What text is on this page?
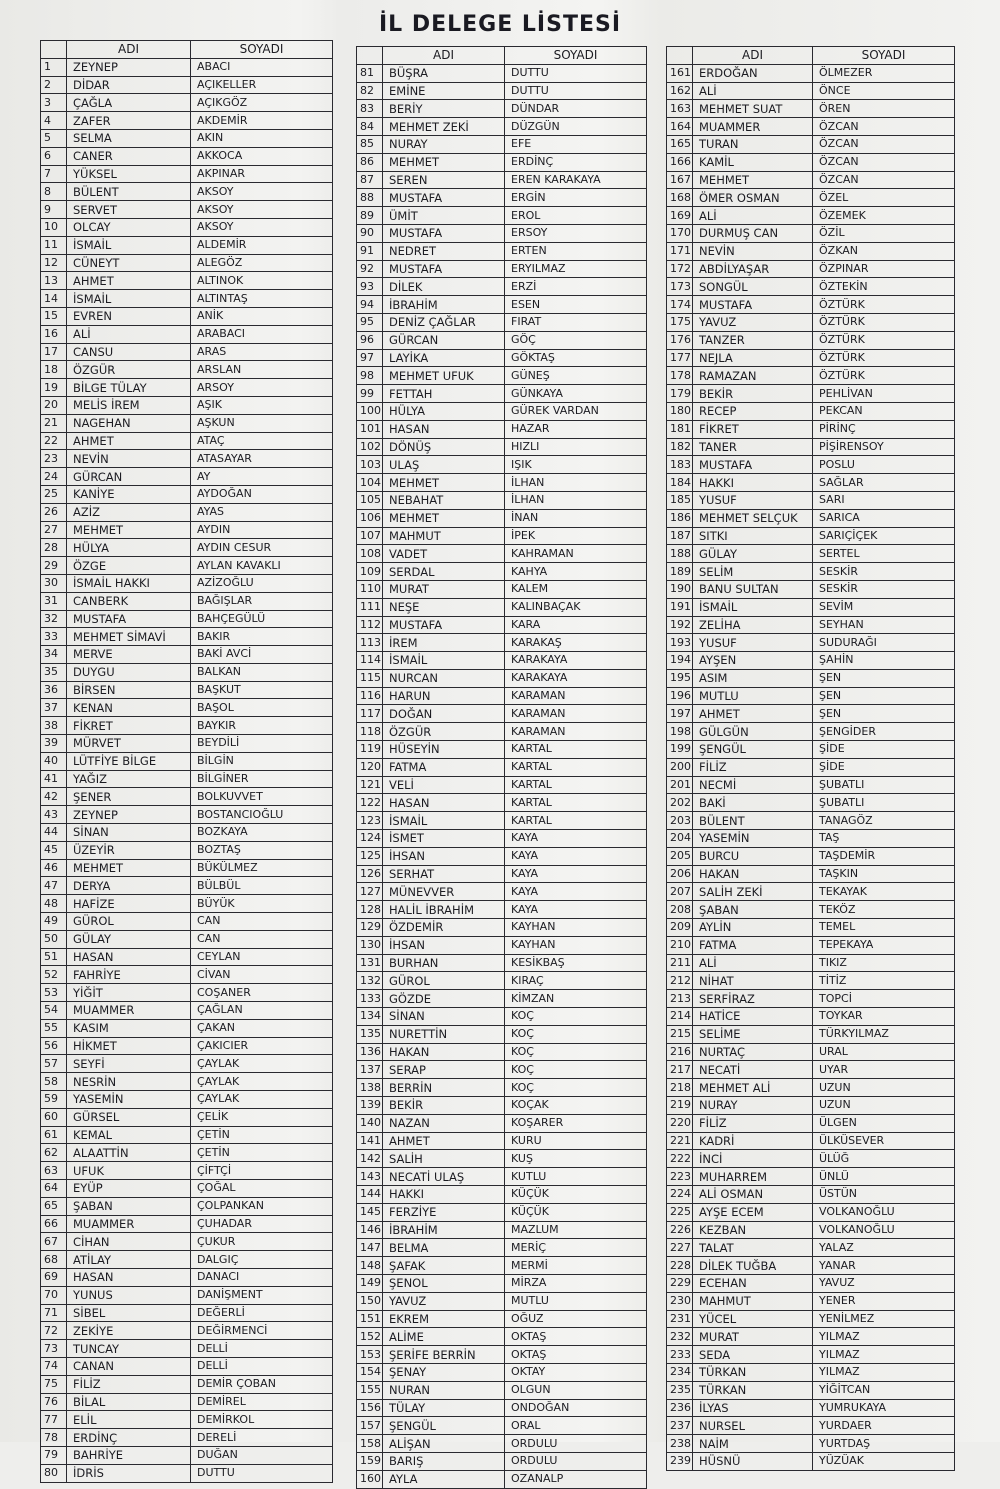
İL DELEGE LİSTESİ
	ADI	SOYADI
1	ZEYNEP	ABACI
2	DİDAR	AÇIKELLER
3	ÇAĞLA	AÇIKGÖZ
4	ZAFER	AKDEMİR
5	SELMA	AKIN
6	CANER	AKKOCA
7	YÜKSEL	AKPINAR
8	BÜLENT	AKSOY
9	SERVET	AKSOY
10	OLCAY	AKSOY
11	İSMAİL	ALDEMİR
12	CÜNEYT	ALEGÖZ
13	AHMET	ALTINOK
14	İSMAİL	ALTINTAŞ
15	EVREN	ANİK
16	ALİ	ARABACI
17	CANSU	ARAS
18	ÖZGÜR	ARSLAN
19	BİLGE TÜLAY	ARSOY
20	MELİS İREM	AŞIK
21	NAGEHAN	AŞKUN
22	AHMET	ATAÇ
23	NEVİN	ATASAYAR
24	GÜRCAN	AY
25	KANİYE	AYDOĞAN
26	AZİZ	AYAS
27	MEHMET	AYDIN
28	HÜLYA	AYDIN CESUR
29	ÖZGE	AYLAN KAVAKLI
30	İSMAİL HAKKI	AZİZOĞLU
31	CANBERK	BAĞIŞLAR
32	MUSTAFA	BAHÇEGÜLÜ
33	MEHMET SİMAVİ	BAKIR
34	MERVE	BAKİ AVCİ
35	DUYGU	BALKAN
36	BİRSEN	BAŞKUT
37	KENAN	BAŞOL
38	FİKRET	BAYKIR
39	MÜRVET	BEYDİLİ
40	LÜTFİYE BİLGE	BİLGİN
41	YAĞIZ	BİLGİNER
42	ŞENER	BOLKUVVET
43	ZEYNEP	BOSTANCIOĞLU
44	SİNAN	BOZKAYA
45	ÜZEYİR	BOZTAŞ
46	MEHMET	BÜKÜLMEZ
47	DERYA	BÜLBÜL
48	HAFİZE	BÜYÜK
49	GÜROL	CAN
50	GÜLAY	CAN
51	HASAN	CEYLAN
52	FAHRİYE	CİVAN
53	YİĞİT	COŞANER
54	MUAMMER	ÇAĞLAN
55	KASIM	ÇAKAN
56	HİKMET	ÇAKICIER
57	SEYFİ	ÇAYLAK
58	NESRİN	ÇAYLAK
59	YASEMİN	ÇAYLAK
60	GÜRSEL	ÇELİK
61	KEMAL	ÇETİN
62	ALAATTİN	ÇETİN
63	UFUK	ÇİFTÇİ
64	EYÜP	ÇOĞAL
65	ŞABAN	ÇOLPANKAN
66	MUAMMER	ÇUHADAR
67	CİHAN	ÇUKUR
68	ATİLAY	DALGIÇ
69	HASAN	DANACI
70	YUNUS	DANİŞMENT
71	SİBEL	DEĞERLİ
72	ZEKİYE	DEĞİRMENCİ
73	TUNCAY	DELLİ
74	CANAN	DELLİ
75	FİLİZ	DEMİR ÇOBAN
76	BİLAL	DEMİREL
77	ELİL	DEMİRKOL
78	ERDİNÇ	DERELİ
79	BAHRİYE	DUĞAN
80	İDRİS	DUTTU
	ADI	SOYADI
81	BÜŞRA	DUTTU
82	EMİNE	DUTTU
83	BERİY	DÜNDAR
84	MEHMET ZEKİ	DÜZGÜN
85	NURAY	EFE
86	MEHMET	ERDİNÇ
87	SEREN	EREN KARAKAYA
88	MUSTAFA	ERGİN
89	ÜMİT	EROL
90	MUSTAFA	ERSOY
91	NEDRET	ERTEN
92	MUSTAFA	ERYILMAZ
93	DİLEK	ERZİ
94	İBRAHİM	ESEN
95	DENİZ ÇAĞLAR	FIRAT
96	GÜRCAN	GÖÇ
97	LAYİKA	GÖKTAŞ
98	MEHMET UFUK	GÜNEŞ
99	FETTAH	GÜNKAYA
100	HÜLYA	GÜREK VARDAN
101	HASAN	HAZAR
102	DÖNÜŞ	HIZLI
103	ULAŞ	IŞIK
104	MEHMET	İLHAN
105	NEBAHAT	İLHAN
106	MEHMET	İNAN
107	MAHMUT	İPEK
108	VADET	KAHRAMAN
109	SERDAL	KAHYA
110	MURAT	KALEM
111	NEŞE	KALINBAÇAK
112	MUSTAFA	KARA
113	İREM	KARAKAŞ
114	İSMAİL	KARAKAYA
115	NURCAN	KARAKAYA
116	HARUN	KARAMAN
117	DOĞAN	KARAMAN
118	ÖZGÜR	KARAMAN
119	HÜSEYİN	KARTAL
120	FATMA	KARTAL
121	VELİ	KARTAL
122	HASAN	KARTAL
123	İSMAİL	KARTAL
124	İSMET	KAYA
125	İHSAN	KAYA
126	SERHAT	KAYA
127	MÜNEVVER	KAYA
128	HALİL İBRAHİM	KAYA
129	ÖZDEMİR	KAYHAN
130	İHSAN	KAYHAN
131	BURHAN	KESİKBAŞ
132	GÜROL	KIRAÇ
133	GÖZDE	KİMZAN
134	SİNAN	KOÇ
135	NURETTİN	KOÇ
136	HAKAN	KOÇ
137	SERAP	KOÇ
138	BERRİN	KOÇ
139	BEKİR	KOÇAK
140	NAZAN	KOŞARER
141	AHMET	KURU
142	SALİH	KUŞ
143	NECATİ ULAŞ	KUTLU
144	HAKKI	KÜÇÜK
145	FERZİYE	KÜÇÜK
146	İBRAHİM	MAZLUM
147	BELMA	MERİÇ
148	ŞAFAK	MERMİ
149	ŞENOL	MİRZA
150	YAVUZ	MUTLU
151	EKREM	OĞUZ
152	ALİME	OKTAŞ
153	ŞERİFE BERRİN	OKTAŞ
154	ŞENAY	OKTAY
155	NURAN	OLGUN
156	TÜLAY	ONDOĞAN
157	ŞENGÜL	ORAL
158	ALİŞAN	ORDULU
159	BARIŞ	ORDULU
160	AYLA	OZANALP
	ADI	SOYADI
161	ERDOĞAN	ÖLMEZER
162	ALİ	ÖNCE
163	MEHMET SUAT	ÖREN
164	MUAMMER	ÖZCAN
165	TURAN	ÖZCAN
166	KAMİL	ÖZCAN
167	MEHMET	ÖZCAN
168	ÖMER OSMAN	ÖZEL
169	ALİ	ÖZEMEK
170	DURMUŞ CAN	ÖZİL
171	NEVİN	ÖZKAN
172	ABDİLYAŞAR	ÖZPINAR
173	SONGÜL	ÖZTEKİN
174	MUSTAFA	ÖZTÜRK
175	YAVUZ	ÖZTÜRK
176	TANZER	ÖZTÜRK
177	NEJLA	ÖZTÜRK
178	RAMAZAN	ÖZTÜRK
179	BEKİR	PEHLİVAN
180	RECEP	PEKCAN
181	FİKRET	PİRİNÇ
182	TANER	PİŞİRENSOY
183	MUSTAFA	POSLU
184	HAKKI	SAĞLAR
185	YUSUF	SARI
186	MEHMET SELÇUK	SARICA
187	SITKI	SARIÇİÇEK
188	GÜLAY	SERTEL
189	SELİM	SESKİR
190	BANU SULTAN	SESKİR
191	İSMAİL	SEVİM
192	ZELİHA	SEYHAN
193	YUSUF	SUDURAĞI
194	AYŞEN	ŞAHİN
195	ASIM	ŞEN
196	MUTLU	ŞEN
197	AHMET	ŞEN
198	GÜLGÜN	ŞENGİDER
199	ŞENGÜL	ŞİDE
200	FİLİZ	ŞİDE
201	NECMİ	ŞUBATLI
202	BAKİ	ŞUBATLI
203	BÜLENT	TANAGÖZ
204	YASEMİN	TAŞ
205	BURCU	TAŞDEMİR
206	HAKAN	TAŞKIN
207	SALİH ZEKİ	TEKAYAK
208	ŞABAN	TEKÖZ
209	AYLİN	TEMEL
210	FATMA	TEPEKAYA
211	ALİ	TIKIZ
212	NİHAT	TİTİZ
213	SERFİRAZ	TOPCİ
214	HATİCE	TOYKAR
215	SELİME	TÜRKYILMAZ
216	NURTAÇ	URAL
217	NECATİ	UYAR
218	MEHMET ALİ	UZUN
219	NURAY	UZUN
220	FİLİZ	ÜLGEN
221	KADRİ	ÜLKÜSEVER
222	İNCİ	ÜLÜĞ
223	MUHARREM	ÜNLÜ
224	ALİ OSMAN	ÜSTÜN
225	AYŞE ECEM	VOLKANOĞLU
226	KEZBAN	VOLKANOĞLU
227	TALAT	YALAZ
228	DİLEK TUĞBA	YANAR
229	ECEHAN	YAVUZ
230	MAHMUT	YENER
231	YÜCEL	YENİLMEZ
232	MURAT	YILMAZ
233	SEDA	YILMAZ
234	TÜRKAN	YILMAZ
235	TÜRKAN	YİĞİTCAN
236	İLYAS	YUMRUKAYA
237	NURSEL	YURDAER
238	NAİM	YURTDAŞ
239	HÜSNÜ	YÜZÜAK
